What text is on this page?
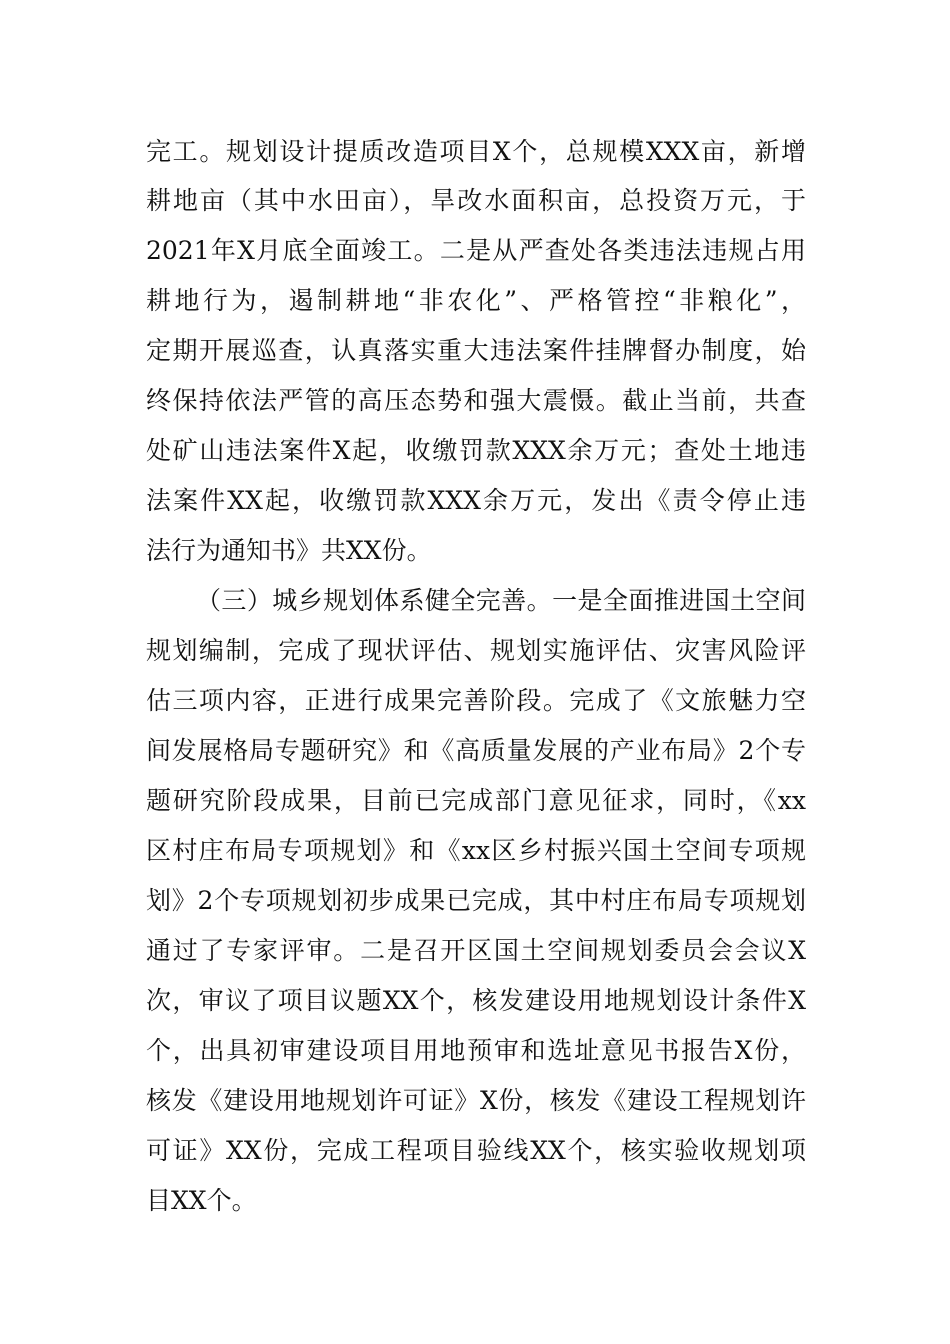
完工。规划设计提质改造项目X个，总规模XXX亩，新增
耕地亩（其中水田亩），旱改水面积亩，总投资万元，于
2021年X月底全面竣工。二是从严查处各类违法违规占用
耕地行为，遏制耕地“非农化”、严格管控“非粮化”，
定期开展巡查，认真落实重大违法案件挂牌督办制度，始
终保持依法严管的高压态势和强大震慑。截止当前，共查
处矿山违法案件X起，收缴罚款XXX余万元；查处土地违
法案件XX起，收缴罚款XXX余万元，发出《责令停止违
法行为通知书》共XX份。
（三）城乡规划体系健全完善。一是全面推进国土空间
规划编制，完成了现状评估、规划实施评估、灾害风险评
估三项内容，正进行成果完善阶段。完成了《文旅魅力空
间发展格局专题研究》和《高质量发展的产业布局》2个专
题研究阶段成果，目前已完成部门意见征求，同时，《xx
区村庄布局专项规划》和《xx区乡村振兴国土空间专项规
划》2个专项规划初步成果已完成，其中村庄布局专项规划
通过了专家评审。二是召开区国土空间规划委员会会议X
次，审议了项目议题XX个，核发建设用地规划设计条件X
个，出具初审建设项目用地预审和选址意见书报告X份，
核发《建设用地规划许可证》X份，核发《建设工程规划许
可证》XX份，完成工程项目验线XX个，核实验收规划项
目XX个。
